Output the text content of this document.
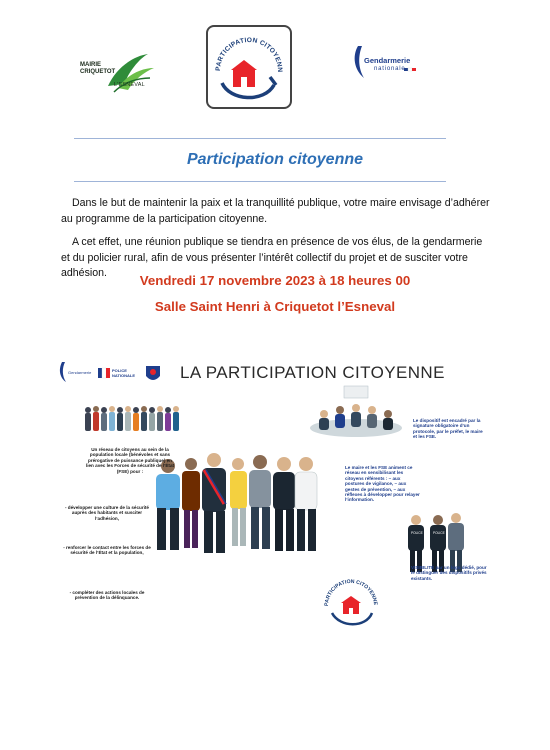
MAIRIE
CRIQUETOT
L'ESNEVAL
PARTICIPATION CITOYENN
Gendarmerie
nationale
Participation citoyenne
Dans le but de maintenir la paix et la tranquillité publique, votre maire envisage d’adhérer au programme de la participation citoyenne.
A cet effet, une réunion publique se tiendra en présence de vos élus, de la gendarmerie et du policier rural, afin de vous présenter l’intérêt collectif du projet et de susciter votre adhésion.	Vendredi 17 novembre 2023 à 18 heures 00
Salle Saint Henri à Criquetot l’Esneval
Gendarmerie	POLICE
NATIONALE
POLICE	POLICE
PARTICIPATION CITOYENNE
LA PARTICIPATION CITOYENNE
Un réseau de citoyens au sein de la population locale (bénévoles et sans prérogative de puissance publique) en lien avec les Forces de sécurité de l’État (FSE) pour :
- développer une culture de la sécurité auprès des habitants et susciter l’adhésion,
- renforcer le contact entre les forces de sécurité de l’État et la population,
- compléter des actions locales de prévention de la délinquance.
Le dispositif est encadré par la signature obligatoire d’un protocole, par le préfet, le maire et les FSE.
Le maire et les FSE animent ce réseau en sensibilisant les citoyens référents : – aux postures de vigilance, – aux gestes de prévention, – aux réflexes à développer pour relayer l’information.
VISIBILITÉ par un logo dédié, pour le distinguer des dispositifs privés existants.
